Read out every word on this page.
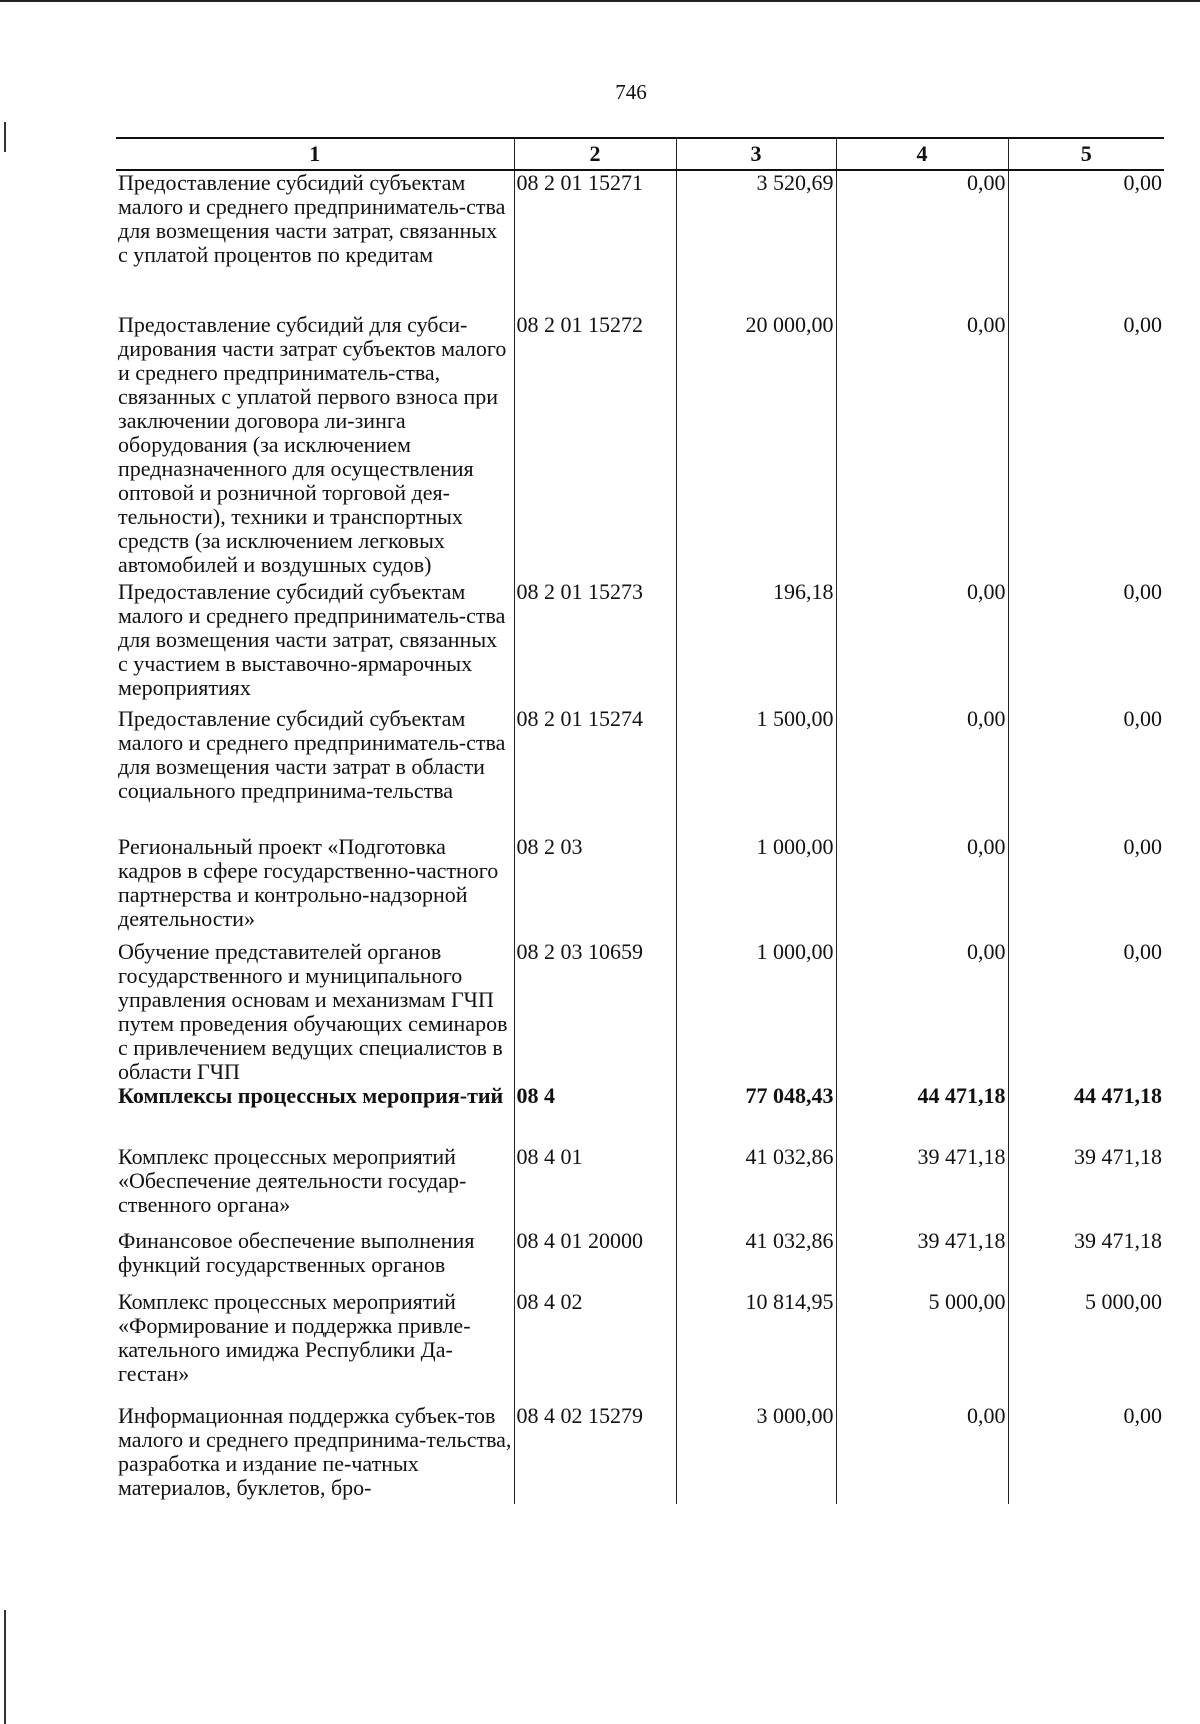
746
1	2	3	4	5
Предоставление субсидий субъектам малого и среднего предприниматель-ства для возмещения части затрат, связанных с уплатой процентов по кредитам	08 2 01 15271	3 520,69	0,00	0,00
Предоставление субсидий для субси-дирования части затрат субъектов малого и среднего предприниматель-ства, связанных с уплатой первого взноса при заключении договора ли-зинга оборудования (за исключением предназначенного для осуществления оптовой и розничной торговой дея-тельности), техники и транспортных средств (за исключением легковых автомобилей и воздушных судов)	08 2 01 15272	20 000,00	0,00	0,00
Предоставление субсидий субъектам малого и среднего предприниматель-ства для возмещения части затрат, связанных с участием в выставочно-ярмарочных мероприятиях	08 2 01 15273	196,18	0,00	0,00
Предоставление субсидий субъектам малого и среднего предприниматель-ства для возмещения части затрат в области социального предпринима-тельства	08 2 01 15274	1 500,00	0,00	0,00
Региональный проект «Подготовка кадров в сфере государственно-частного партнерства и контрольно-надзорной деятельности»	08 2 03	1 000,00	0,00	0,00
Обучение представителей органов государственного и муниципального управления основам и механизмам ГЧП путем проведения обучающих семинаров с привлечением ведущих специалистов в области ГЧП	08 2 03 10659	1 000,00	0,00	0,00
Комплексы процессных мероприя-тий	08 4	77 048,43	44 471,18	44 471,18
Комплекс процессных мероприятий «Обеспечение деятельности государ-ственного органа»	08 4 01	41 032,86	39 471,18	39 471,18
Финансовое обеспечение выполнения функций государственных органов	08 4 01 20000	41 032,86	39 471,18	39 471,18
Комплекс процессных мероприятий «Формирование и поддержка привле-кательного имиджа Республики Да-гестан»	08 4 02	10 814,95	5 000,00	5 000,00
Информационная поддержка субъек-тов малого и среднего предпринима-тельства, разработка и издание пе-чатных материалов, буклетов, бро-	08 4 02 15279	3 000,00	0,00	0,00
